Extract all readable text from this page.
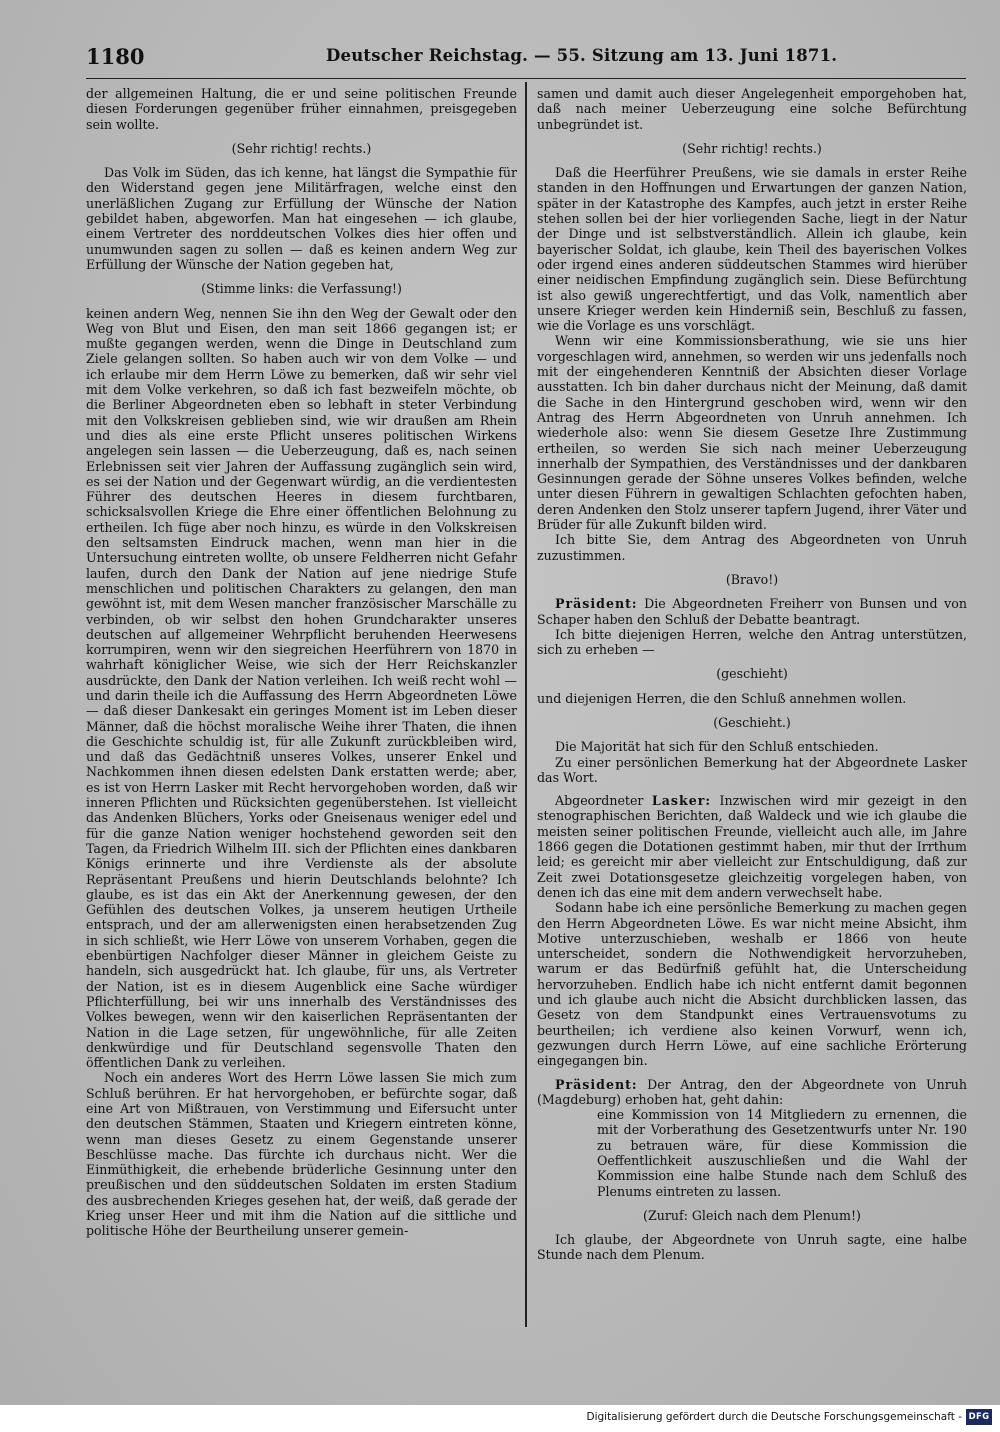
1180	Deutscher Reichstag. — 55. Sitzung am 13. Juni 1871.

der allgemeinen Haltung, die er und seine politischen Freunde diesen Forderungen gegenüber früher einnahmen, preisgegeben sein wollte.

(Sehr richtig! rechts.)

Das Volk im Süden, das ich kenne, hat längst die Sympathie für den Widerstand gegen jene Militärfragen, welche einst den unerläßlichen Zugang zur Erfüllung der Wünsche der Nation gebildet haben, abgeworfen. Man hat eingesehen — ich glaube, einem Vertreter des norddeutschen Volkes dies hier offen und unumwunden sagen zu sollen — daß es keinen andern Weg zur Erfüllung der Wünsche der Nation gegeben hat,

(Stimme links: die Verfassung!)

keinen andern Weg, nennen Sie ihn den Weg der Gewalt oder den Weg von Blut und Eisen, den man seit 1866 gegangen ist; er mußte gegangen werden, wenn die Dinge in Deutschland zum Ziele gelangen sollten. So haben auch wir von dem Volke — und ich erlaube mir dem Herrn Löwe zu bemerken, daß wir sehr viel mit dem Volke verkehren, so daß ich fast bezweifeln möchte, ob die Berliner Abgeordneten eben so lebhaft in steter Verbindung mit den Volkskreisen geblieben sind, wie wir draußen am Rhein und dies als eine erste Pflicht unseres politischen Wirkens angelegen sein lassen — die Ueberzeugung, daß es, nach seinen Erlebnissen seit vier Jahren der Auffassung zugänglich sein wird, es sei der Nation und der Gegenwart würdig, an die verdientesten Führer des deutschen Heeres in diesem furchtbaren, schicksalsvollen Kriege die Ehre einer öffentlichen Belohnung zu ertheilen. Ich füge aber noch hinzu, es würde in den Volkskreisen den seltsamsten Eindruck machen, wenn man hier in die Untersuchung eintreten wollte, ob unsere Feldherren nicht Gefahr laufen, durch den Dank der Nation auf jene niedrige Stufe menschlichen und politischen Charakters zu gelangen, den man gewöhnt ist, mit dem Wesen mancher französischer Marschälle zu verbinden, ob wir selbst den hohen Grundcharakter unseres deutschen auf allgemeiner Wehrpflicht beruhenden Heerwesens korrumpiren, wenn wir den siegreichen Heerführern von 1870 in wahrhaft königlicher Weise, wie sich der Herr Reichskanzler ausdrückte, den Dank der Nation verleihen. Ich weiß recht wohl — und darin theile ich die Auffassung des Herrn Abgeordneten Löwe — daß dieser Dankesakt ein geringes Moment ist im Leben dieser Männer, daß die höchst moralische Weihe ihrer Thaten, die ihnen die Geschichte schuldig ist, für alle Zukunft zurückbleiben wird, und daß das Gedächtniß unseres Volkes, unserer Enkel und Nachkommen ihnen diesen edelsten Dank erstatten werde; aber, es ist von Herrn Lasker mit Recht hervorgehoben worden, daß wir inneren Pflichten und Rücksichten gegenüberstehen. Ist vielleicht das Andenken Blüchers, Yorks oder Gneisenaus weniger edel und für die ganze Nation weniger hochstehend geworden seit den Tagen, da Friedrich Wilhelm III. sich der Pflichten eines dankbaren Königs erinnerte und ihre Verdienste als der absolute Repräsentant Preußens und hierin Deutschlands belohnte? Ich glaube, es ist das ein Akt der Anerkennung gewesen, der den Gefühlen des deutschen Volkes, ja unserem heutigen Urtheile entsprach, und der am allerwenigsten einen herabsetzenden Zug in sich schließt, wie Herr Löwe von unserem Vorhaben, gegen die ebenbürtigen Nachfolger dieser Männer in gleichem Geiste zu handeln, sich ausgedrückt hat. Ich glaube, für uns, als Vertreter der Nation, ist es in diesem Augenblick eine Sache würdiger Pflichterfüllung, bei wir uns innerhalb des Verständnisses des Volkes bewegen, wenn wir den kaiserlichen Repräsentanten der Nation in die Lage setzen, für ungewöhnliche, für alle Zeiten denkwürdige und für Deutschland segensvolle Thaten den öffentlichen Dank zu verleihen.

Noch ein anderes Wort des Herrn Löwe lassen Sie mich zum Schluß berühren. Er hat hervorgehoben, er befürchte sogar, daß eine Art von Mißtrauen, von Verstimmung und Eifersucht unter den deutschen Stämmen, Staaten und Kriegern eintreten könne, wenn man dieses Gesetz zu einem Gegenstande unserer Beschlüsse mache. Das fürchte ich durchaus nicht. Wer die Einmüthigkeit, die erhebende brüderliche Gesinnung unter den preußischen und den süddeutschen Soldaten im ersten Stadium des ausbrechenden Krieges gesehen hat, der weiß, daß gerade der Krieg unser Heer und mit ihm die Nation auf die sittliche und politische Höhe der Beurtheilung unserer gemein-

samen und damit auch dieser Angelegenheit emporgehoben hat, daß nach meiner Ueberzeugung eine solche Befürchtung unbegründet ist.

(Sehr richtig! rechts.)

Daß die Heerführer Preußens, wie sie damals in erster Reihe standen in den Hoffnungen und Erwartungen der ganzen Nation, später in der Katastrophe des Kampfes, auch jetzt in erster Reihe stehen sollen bei der hier vorliegenden Sache, liegt in der Natur der Dinge und ist selbstverständlich. Allein ich glaube, kein bayerischer Soldat, ich glaube, kein Theil des bayerischen Volkes oder irgend eines anderen süddeutschen Stammes wird hierüber einer neidischen Empfindung zugänglich sein. Diese Befürchtung ist also gewiß ungerechtfertigt, und das Volk, namentlich aber unsere Krieger werden kein Hinderniß sein, Beschluß zu fassen, wie die Vorlage es uns vorschlägt.

Wenn wir eine Kommissionsberathung, wie sie uns hier vorgeschlagen wird, annehmen, so werden wir uns jedenfalls noch mit der eingehenderen Kenntniß der Absichten dieser Vorlage ausstatten. Ich bin daher durchaus nicht der Meinung, daß damit die Sache in den Hintergrund geschoben wird, wenn wir den Antrag des Herrn Abgeordneten von Unruh annehmen. Ich wiederhole also: wenn Sie diesem Gesetze Ihre Zustimmung ertheilen, so werden Sie sich nach meiner Ueberzeugung innerhalb der Sympathien, des Verständnisses und der dankbaren Gesinnungen gerade der Söhne unseres Volkes befinden, welche unter diesen Führern in gewaltigen Schlachten gefochten haben, deren Andenken den Stolz unserer tapfern Jugend, ihrer Väter und Brüder für alle Zukunft bilden wird.

Ich bitte Sie, dem Antrag des Abgeordneten von Unruh zuzustimmen.

(Bravo!)

Präsident: Die Abgeordneten Freiherr von Bunsen und von Schaper haben den Schluß der Debatte beantragt.

Ich bitte diejenigen Herren, welche den Antrag unterstützen, sich zu erheben —

(geschieht)

und diejenigen Herren, die den Schluß annehmen wollen.

(Geschieht.)

Die Majorität hat sich für den Schluß entschieden.

Zu einer persönlichen Bemerkung hat der Abgeordnete Lasker das Wort.

Abgeordneter Lasker: Inzwischen wird mir gezeigt in den stenographischen Berichten, daß Waldeck und wie ich glaube die meisten seiner politischen Freunde, vielleicht auch alle, im Jahre 1866 gegen die Dotationen gestimmt haben, mir thut der Irrthum leid; es gereicht mir aber vielleicht zur Entschuldigung, daß zur Zeit zwei Dotationsgesetze gleichzeitig vorgelegen haben, von denen ich das eine mit dem andern verwechselt habe.

Sodann habe ich eine persönliche Bemerkung zu machen gegen den Herrn Abgeordneten Löwe. Es war nicht meine Absicht, ihm Motive unterzuschieben, weshalb er 1866 von heute unterscheidet, sondern die Nothwendigkeit hervorzuheben, warum er das Bedürfniß gefühlt hat, die Unterscheidung hervorzuheben. Endlich habe ich nicht entfernt damit begonnen und ich glaube auch nicht die Absicht durchblicken lassen, das Gesetz von dem Standpunkt eines Vertrauensvotums zu beurtheilen; ich verdiene also keinen Vorwurf, wenn ich, gezwungen durch Herrn Löwe, auf eine sachliche Erörterung eingegangen bin.

Präsident: Der Antrag, den der Abgeordnete von Unruh (Magdeburg) erhoben hat, geht dahin:

eine Kommission von 14 Mitgliedern zu ernennen, die mit der Vorberathung des Gesetzentwurfs unter Nr. 190 zu betrauen wäre, für diese Kommission die Oeffentlichkeit auszuschließen und die Wahl der Kommission eine halbe Stunde nach dem Schluß des Plenums eintreten zu lassen.

(Zuruf: Gleich nach dem Plenum!)

Ich glaube, der Abgeordnete von Unruh sagte, eine halbe Stunde nach dem Plenum.

Digitalisierung gefördert durch die Deutsche Forschungsgemeinschaft - DFG
